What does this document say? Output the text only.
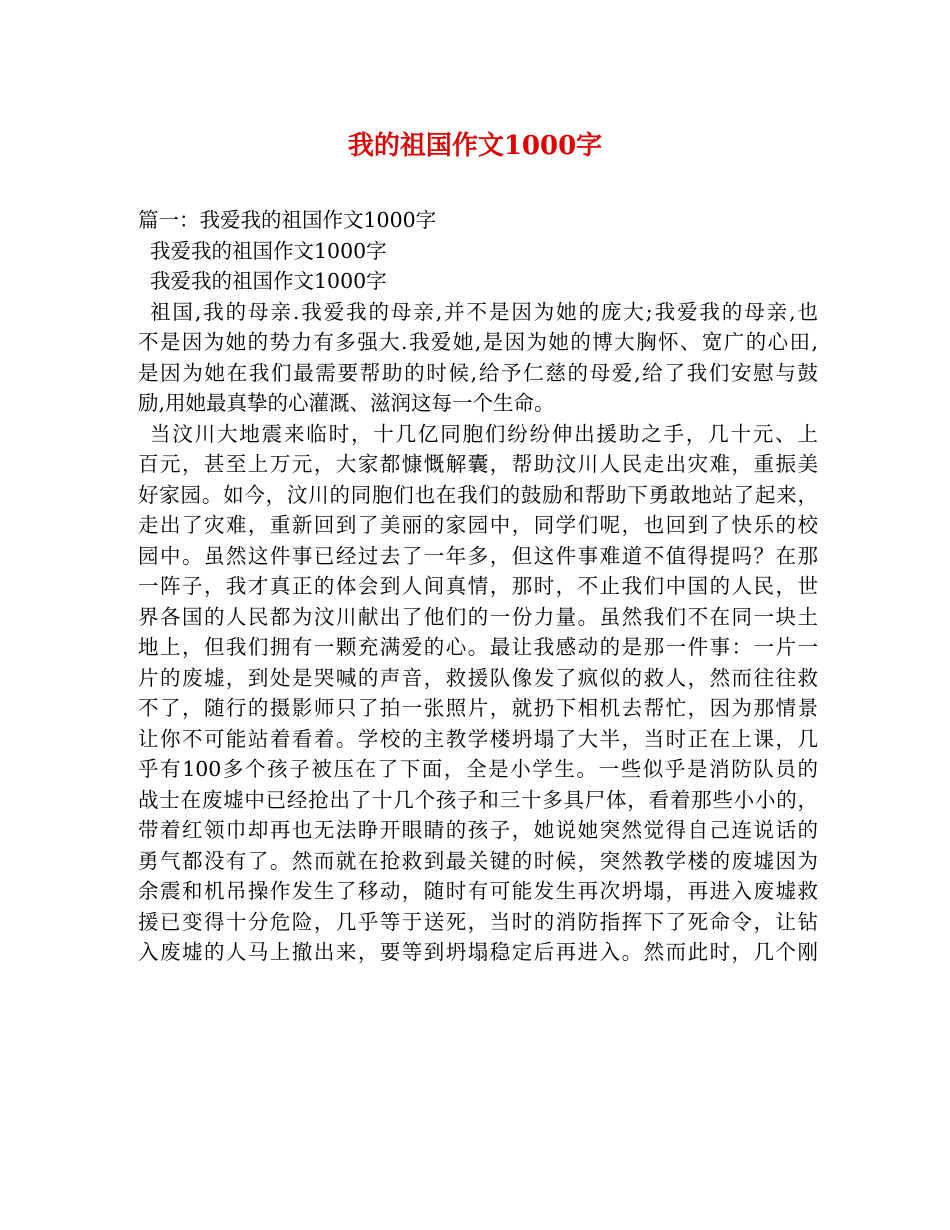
我的祖国作文1000字
篇一：我爱我的祖国作文1000字
我爱我的祖国作文1000字
我爱我的祖国作文1000字
祖国,我的母亲.我爱我的母亲,并不是因为她的庞大;我爱我的母亲,也
不是因为她的势力有多强大.我爱她,是因为她的博大胸怀、宽广的心田,
是因为她在我们最需要帮助的时候,给予仁慈的母爱,给了我们安慰与鼓
励,用她最真挚的心灌溉、滋润这每一个生命。
当汶川大地震来临时，十几亿同胞们纷纷伸出援助之手，几十元、上
百元，甚至上万元，大家都慷慨解囊，帮助汶川人民走出灾难，重振美
好家园。如今，汶川的同胞们也在我们的鼓励和帮助下勇敢地站了起来，
走出了灾难，重新回到了美丽的家园中，同学们呢，也回到了快乐的校
园中。虽然这件事已经过去了一年多，但这件事难道不值得提吗？在那
一阵子，我才真正的体会到人间真情，那时，不止我们中国的人民，世
界各国的人民都为汶川献出了他们的一份力量。虽然我们不在同一块土
地上，但我们拥有一颗充满爱的心。最让我感动的是那一件事：一片一
片的废墟，到处是哭喊的声音，救援队像发了疯似的救人，然而往往救
不了，随行的摄影师只了拍一张照片，就扔下相机去帮忙，因为那情景
让你不可能站着看着。学校的主教学楼坍塌了大半，当时正在上课，几
乎有100多个孩子被压在了下面，全是小学生。一些似乎是消防队员的
战士在废墟中已经抢出了十几个孩子和三十多具尸体，看着那些小小的，
带着红领巾却再也无法睁开眼睛的孩子，她说她突然觉得自己连说话的
勇气都没有了。然而就在抢救到最关键的时候，突然教学楼的废墟因为
余震和机吊操作发生了移动，随时有可能发生再次坍塌，再进入废墟救
援已变得十分危险，几乎等于送死，当时的消防指挥下了死命令，让钻
入废墟的人马上撤出来，要等到坍塌稳定后再进入。然而此时，几个刚
